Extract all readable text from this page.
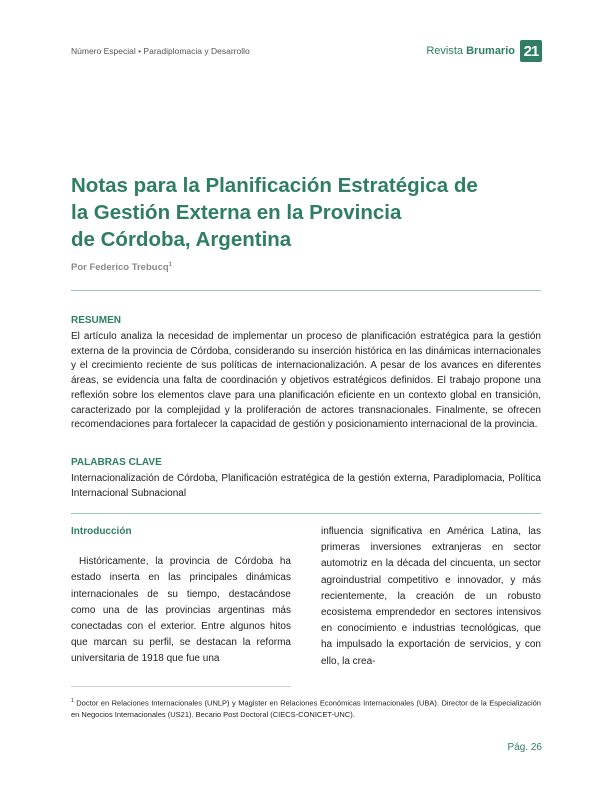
Número Especial • Paradiplomacia y Desarrollo	Revista Brumario 21
Notas para la Planificación Estratégica de
la Gestión Externa en la Provincia
de Córdoba, Argentina
Por Federico Trebucq$^1$
RESUMEN

El artículo analiza la necesidad de implementar un proceso de planificación estratégica para la gestión externa de la provincia de Córdoba, considerando su inserción histórica en las dinámicas internacionales y el crecimiento reciente de sus políticas de internacionalización. A pesar de los avances en diferentes áreas, se evidencia una falta de coordinación y objetivos estratégicos definidos. El trabajo propone una reflexión sobre los elementos clave para una planificación eficiente en un contexto global en transición, caracterizado por la complejidad y la proliferación de actores transnacionales. Finalmente, se ofrecen recomendaciones para fortalecer la capacidad de gestión y posicionamiento internacional de la provincia.

PALABRAS CLAVE

Internacionalización de Córdoba, Planificación estratégica de la gestión externa, Paradiplomacia, Política Internacional Subnacional

Introducción

Históricamente, la provincia de Córdoba ha estado inserta en las principales dinámicas internacionales de su tiempo, destacándose como una de las provincias argentinas más conectadas con el exterior. Entre algunos hitos que marcan su perfil, se destacan la reforma universitaria de 1918 que fue una

influencia significativa en América Latina, las primeras inversiones extranjeras en sector automotriz en la década del cincuenta, un sector agroindustrial competitivo e innovador, y más recientemente, la creación de un robusto ecosistema emprendedor en sectores intensivos en conocimiento e industrias tecnológicas, que ha impulsado la exportación de servicios, y con ello, la crea-

$^1$ Doctor en Relaciones Internacionales (UNLP) y Magister en Relaciones Económicas Internacionales (UBA). Director de la Especialización en Negocios Internacionales (US21). Becario Post Doctoral (CIECS-CONICET-UNC).

Pág. 26
